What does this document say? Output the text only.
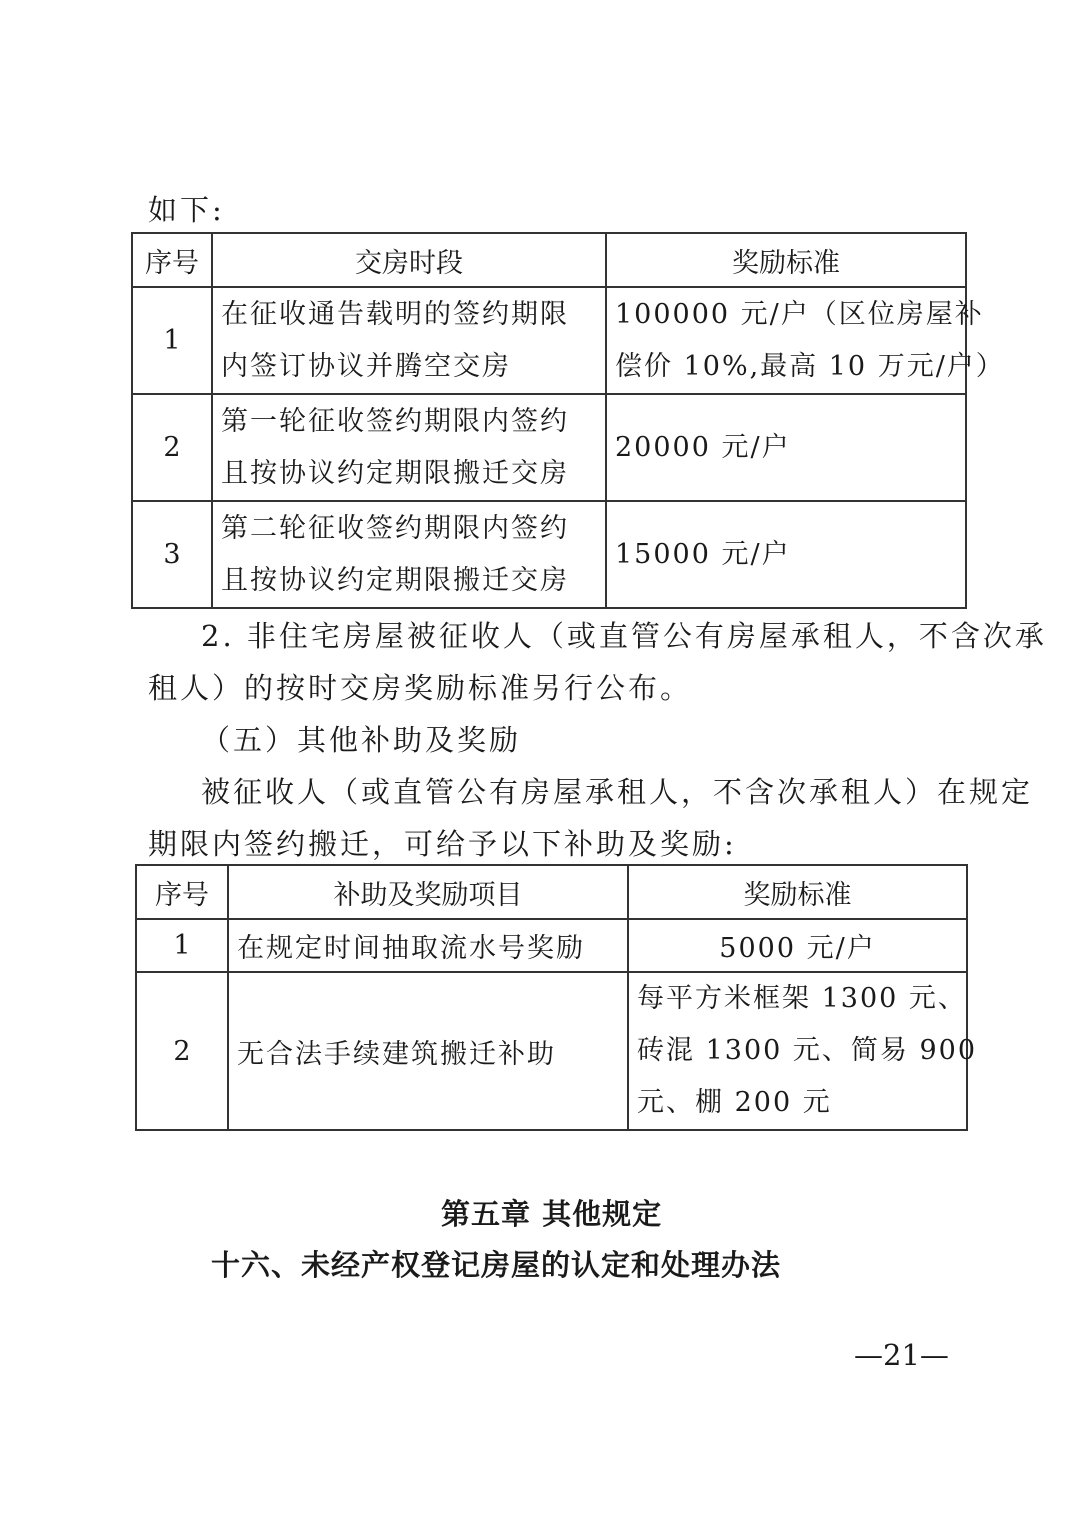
如下:
序号	交房时段	奖励标准
1	在征收通告载明的签约期限
内签订协议并腾空交房	100000 元/户（区位房屋补
偿价 10%,最高 10 万元/户）

2	第一轮征收签约期限内签约
且按协议约定期限搬迁交房	20000 元/户

3	第二轮征收签约期限内签约
且按协议约定期限搬迁交房	15000 元/户
2. 非住宅房屋被征收人（或直管公有房屋承租人，不含次承
租人）的按时交房奖励标准另行公布。
（五）其他补助及奖励
被征收人（或直管公有房屋承租人，不含次承租人）在规定
期限内签约搬迁，可给予以下补助及奖励:
序号	补助及奖励项目	奖励标准
1	在规定时间抽取流水号奖励	5000 元/户
2	无合法手续建筑搬迁补助	每平方米框架 1300 元、
砖混 1300 元、简易 900
元、棚 200 元
第五章 其他规定
十六、未经产权登记房屋的认定和处理办法
—21—
